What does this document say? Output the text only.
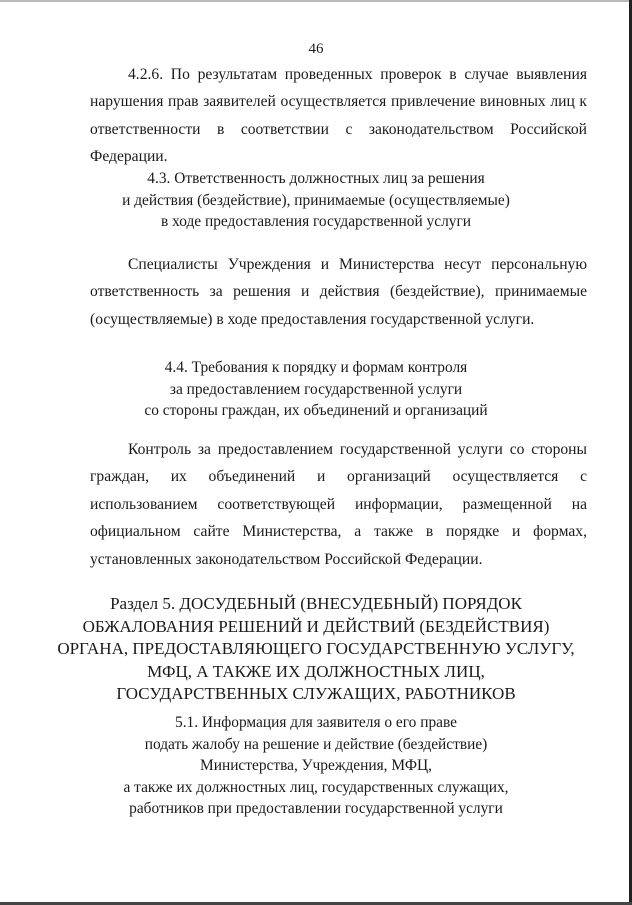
46

4.2.6. По результатам проведенных проверок в случае выявления нарушения прав заявителей осуществляется привлечение виновных лиц к ответственности в соответствии с законодательством Российской Федерации.

4.3. Ответственность должностных лиц за решения
и действия (бездействие), принимаемые (осуществляемые)
в ходе предоставления государственной услуги

Специалисты Учреждения и Министерства несут персональную ответственность за решения и действия (бездействие), принимаемые (осуществляемые) в ходе предоставления государственной услуги.

4.4. Требования к порядку и формам контроля
за предоставлением государственной услуги
со стороны граждан, их объединений и организаций

Контроль за предоставлением государственной услуги со стороны граждан, их объединений и организаций осуществляется с использованием соответствующей информации, размещенной на официальном сайте Министерства, а также в порядке и формах, установленных законодательством Российской Федерации.

Раздел 5. ДОСУДЕБНЫЙ (ВНЕСУДЕБНЫЙ) ПОРЯДОК
ОБЖАЛОВАНИЯ РЕШЕНИЙ И ДЕЙСТВИЙ (БЕЗДЕЙСТВИЯ)
ОРГАНА, ПРЕДОСТАВЛЯЮЩЕГО ГОСУДАРСТВЕННУЮ УСЛУГУ,
МФЦ, А ТАКЖЕ ИХ ДОЛЖНОСТНЫХ ЛИЦ,
ГОСУДАРСТВЕННЫХ СЛУЖАЩИХ, РАБОТНИКОВ
5.1. Информация для заявителя о его праве
подать жалобу на решение и действие (бездействие)
Министерства, Учреждения, МФЦ,
а также их должностных лиц, государственных служащих,
работников при предоставлении государственной услуги
